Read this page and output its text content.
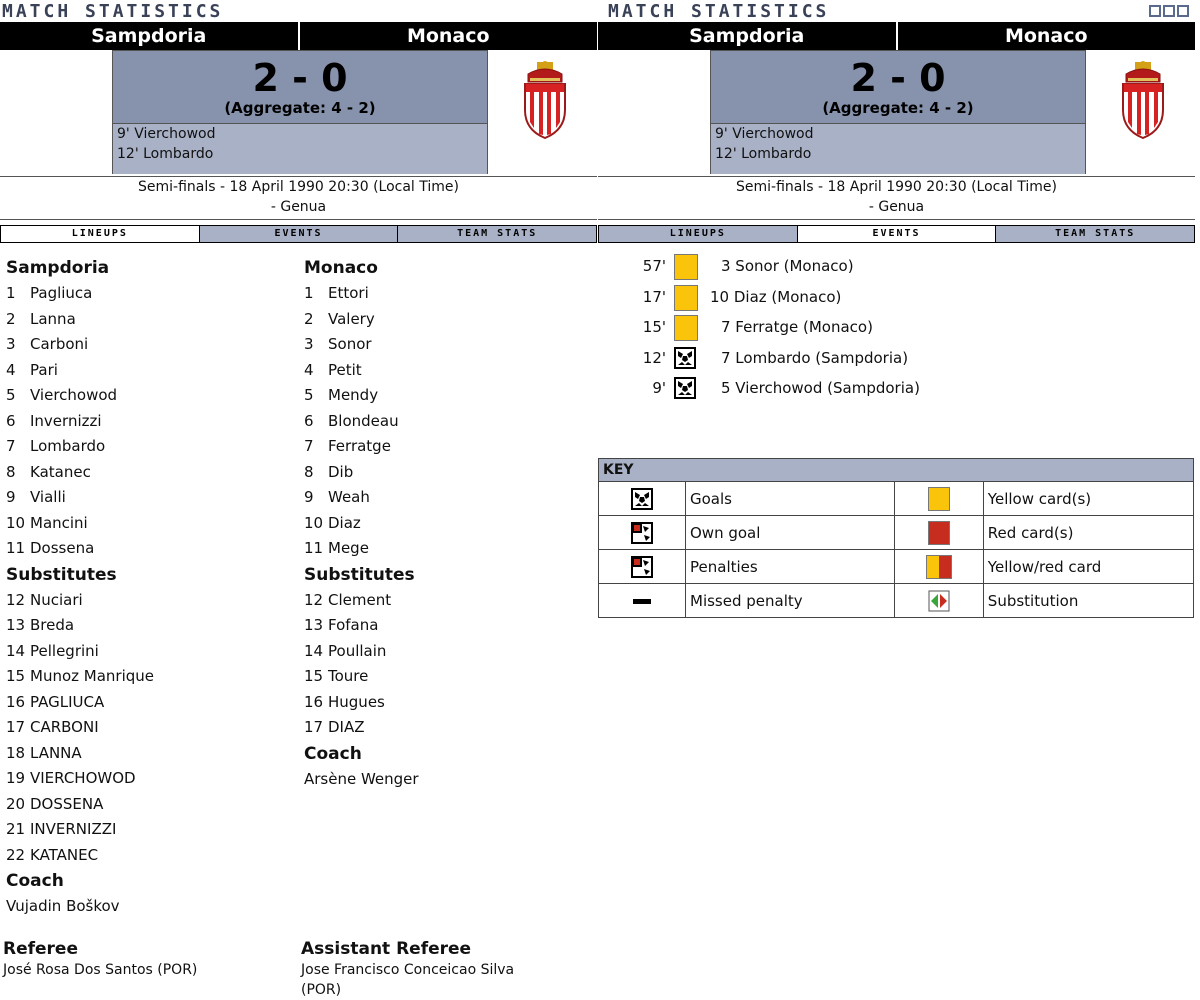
MATCH STATISTICS
Sampdoria	Monaco
2 - 0
(Aggregate: 4 - 2)
9' Vierchowod
12' Lombardo
Semi-finals - 18 April 1990 20:30 (Local Time)
- Genua
LINEUPS	EVENTS	TEAM STATS
Sampdoria
1 Pagliuca
2 Lanna
3 Carboni
4 Pari
5 Vierchowod
6 Invernizzi
7 Lombardo
8 Katanec
9 Vialli
10 Mancini
11 Dossena
Substitutes
12 Nuciari
13 Breda
14 Pellegrini
15 Munoz Manrique
16 PAGLIUCA
17 CARBONI
18 LANNA
19 VIERCHOWOD
20 DOSSENA
21 INVERNIZZI
22 KATANEC
Coach
Vujadin Boškov
Monaco
1 Ettori
2 Valery
3 Sonor
4 Petit
5 Mendy
6 Blondeau
7 Ferratge
8 Dib
9 Weah
10 Diaz
11 Mege
Substitutes
12 Clement
13 Fofana
14 Poullain
15 Toure
16 Hugues
17 DIAZ
Coach
Arsène Wenger
Referee
José Rosa Dos Santos (POR)
Assistant Referee
Jose Francisco Conceicao Silva
(POR)
MATCH STATISTICS
Sampdoria	Monaco
2 - 0
(Aggregate: 4 - 2)
9' Vierchowod
12' Lombardo
Semi-finals - 18 April 1990 20:30 (Local Time)
- Genua
LINEUPS	EVENTS	TEAM STATS
57'	3 Sonor (Monaco)
17'	10 Diaz (Monaco)
15'	7 Ferratge (Monaco)
12'	7 Lombardo (Sampdoria)
9'	5 Vierchowod (Sampdoria)
KEY			
	Goals		Yellow card(s)
	Own goal		Red card(s)
	Penalties		Yellow/red card
	Missed penalty		Substitution
